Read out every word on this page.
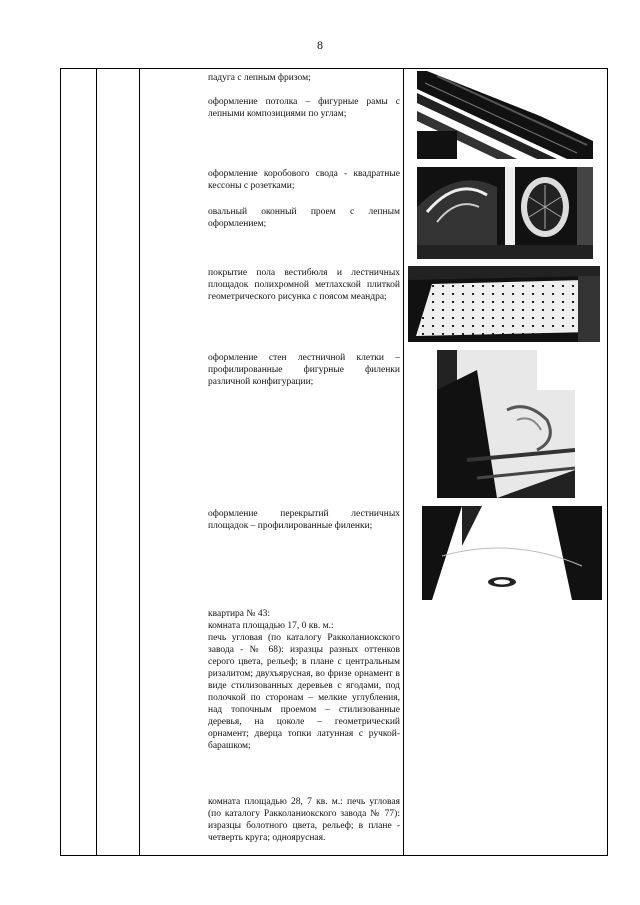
8
падуга с лепным фризом;
оформление потолка – фигурные рамы с лепными композициями по углам;
оформление коробового свода - квадратные кессоны с розетками;
овальный оконный проем с лепным оформлением;
покрытие пола вестибюля и лестничных площадок полихромной метлахской плиткой геометрического рисунка с поясом меандра;
оформление стен лестничной клетки – профилированные фигурные филенки различной конфигурации;
оформление перекрытий лестничных площадок – профилированные филенки;
квартира № 43:
комната площадью 17, 0 кв. м.:
печь угловая (по каталогу Ракколаниокского завода - № 68): изразцы разных оттенков серого цвета, рельеф; в плане с центральным ризалитом; двухъярусная, во фризе орнамент в виде стилизованных деревьев с ягодами, под полочкой по сторонам – мелкие углубления, над топочным проемом – стилизованные деревья, на цоколе – геометрический орнамент; дверца топки латунная с ручкой-барашком;
комната площадью 28, 7 кв. м.: печь угловая (по каталогу Ракколаниокского завода № 77): изразцы болотного цвета, рельеф; в плане - четверть круга; одноярусная.
